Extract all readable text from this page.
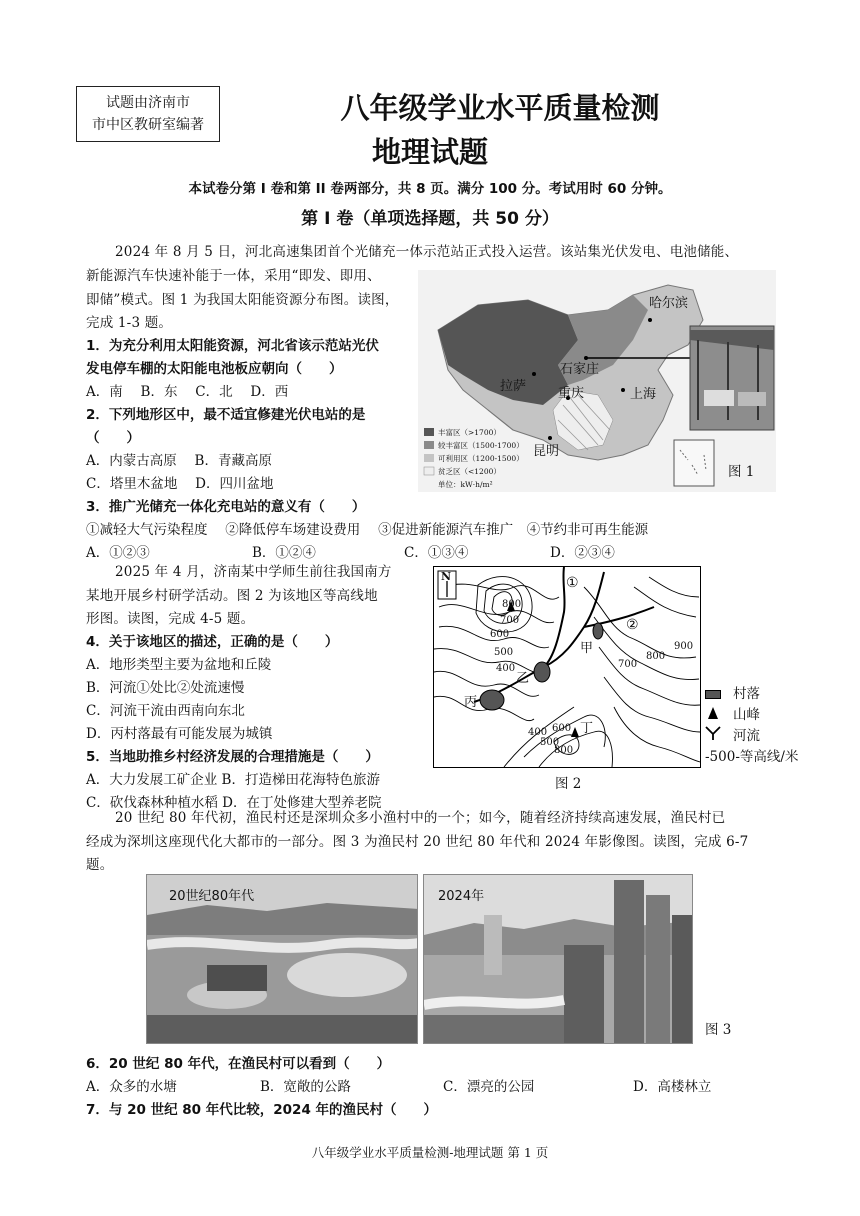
试题由济南市
市中区教研室编著	八年级学业水平质量检测
地理试题
本试卷分第 I 卷和第 II 卷两部分，共 8 页。满分 100 分。考试用时 60 分钟。
第 I 卷（单项选择题，共 50 分）
2024 年 8 月 5 日，河北高速集团首个光储充一体示范站正式投入运营。该站集光伏发电、电池储能、
新能源汽车快速补能于一体，采用“即发、即用、
即储”模式。图 1 为我国太阳能资源分布图。读图，
完成 1-3 题。
哈尔滨
石家庄
拉萨 重庆	上海
昆明
丰富区（>1700）
较丰富区（1500-1700）
可利用区（1200-1500）
贫乏区（<1200）
单位：kW·h/m²
图 1
1．为充分利用太阳能资源，河北省该示范站光伏
发电停车棚的太阳能电池板应朝向（　　）
A．南　 B．东　 C．北　 D．西
2．下列地形区中，最不适宜修建光伏电站的是
（　　）
A．内蒙古高原　 B．青藏高原
C．塔里木盆地　 D．四川盆地
3．推广光储充一体化充电站的意义有（　　）
①减轻大气污染程度　 ②降低停车场建设费用　 ③促进新能源汽车推广　④节约非可再生能源
A．①②③	B．①②④	C．①③④	D．②③④
2025 年 4 月，济南某中学师生前往我国南方
某地开展乡村研学活动。图 2 为该地区等高线地
形图。读图，完成 4-5 题。
N
800
700
600
500
400	700
800
900
400
500
600
800
①
②
甲
乙
丙
丁
图 2
村落
山峰
河流
-500-等高线/米
4．关于该地区的描述，正确的是（　　）
A．地形类型主要为盆地和丘陵
B．河流①处比②处流速慢
C．河流干流由西南向东北
D．丙村落最有可能发展为城镇
5．当地助推乡村经济发展的合理措施是（　　）
A．大力发展工矿企业 B．打造梯田花海特色旅游
C．砍伐森林种植水稻 D．在丁处修建大型养老院
20 世纪 80 年代初，渔民村还是深圳众多小渔村中的一个；如今，随着经济持续高速发展，渔民村已
经成为深圳这座现代化大都市的一部分。图 3 为渔民村 20 世纪 80 年代和 2024 年影像图。读图，完成 6-7
题。
20世纪80年代	2024年
图 3
6．20 世纪 80 年代，在渔民村可以看到（　　）
A．众多的水塘	B．宽敞的公路	C．漂亮的公园	D．高楼林立
7．与 20 世纪 80 年代比较，2024 年的渔民村（　　）
八年级学业水平质量检测-地理试题 第 1 页
